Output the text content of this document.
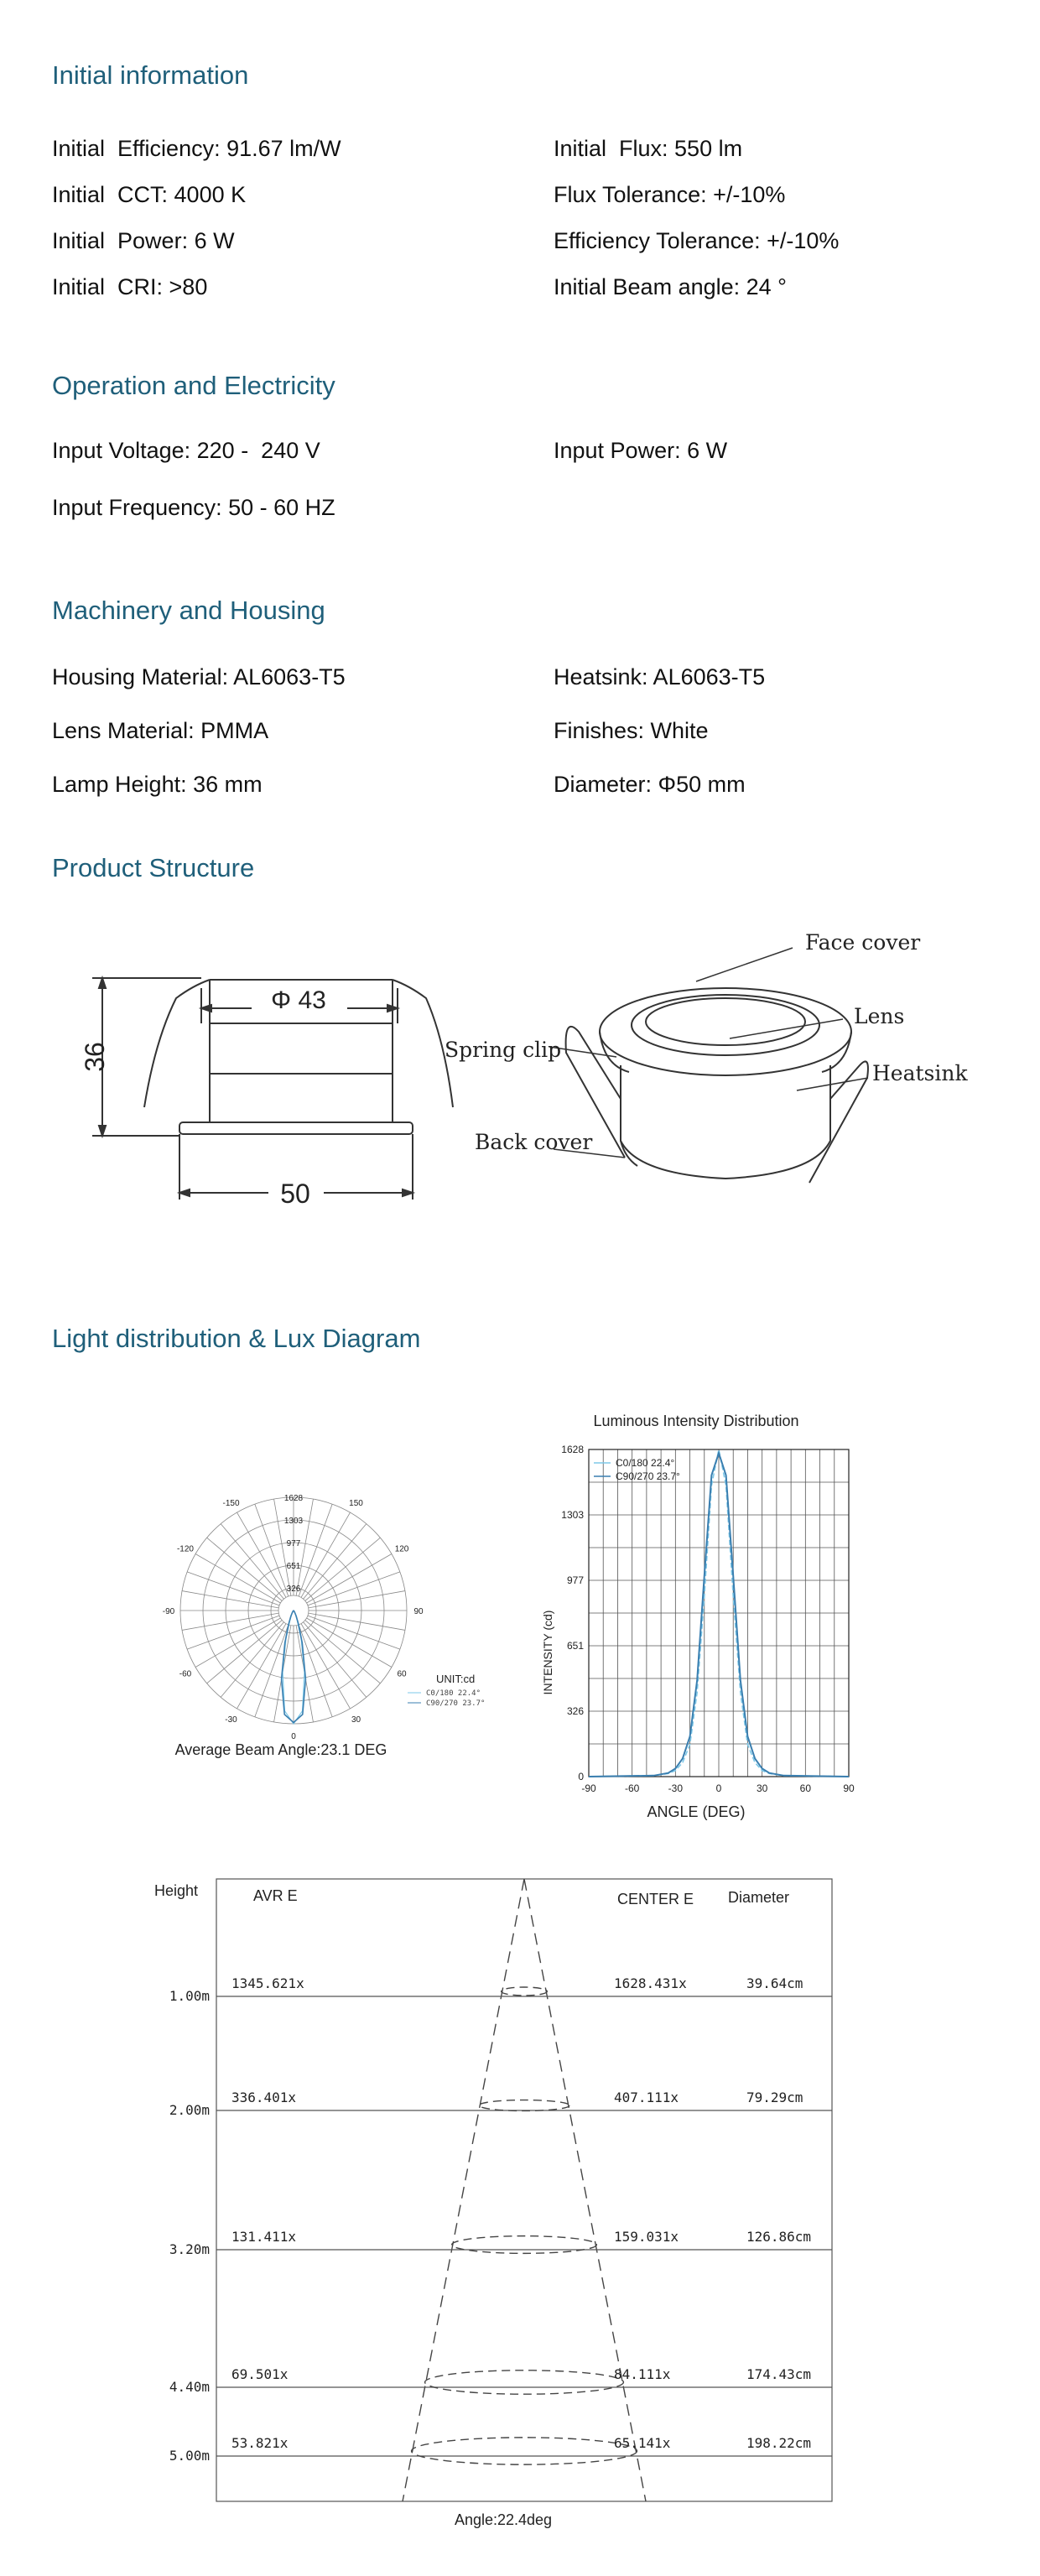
Initial information
Initial  Efficiency: 91.67 lm/W
Initial  CCT: 4000 K
Initial  Power: 6 W
Initial  CRI: >80
Initial  Flux: 550 lm
Flux Tolerance: +/-10%
Efficiency Tolerance: +/-10%
Initial Beam angle: 24 °
Operation and Electricity
Input Voltage: 220 -  240 V
Input Frequency: 50 - 60 HZ
Input Power: 6 W
Machinery and Housing
Housing Material: AL6063-T5
Lens Material: PMMA
Lamp Height: 36 mm
Heatsink: AL6063-T5
Finishes: White
Diameter: Φ50 mm
Product Structure
Φ 43
36
50
Face cover
Lens
Spring clip
Heatsink
Back cover
Light distribution & Lux Diagram
-150	150
-120	120
-90	90
-60	60
-30	30
0
1628
1303
977
651
326
UNIT:cd
C0/180 22.4°
C90/270 23.7°
Average Beam Angle:23.1 DEG
Luminous Intensity Distribution
-90	-60	-30	0	30	60	90
0
326
651
977
1303
1628
ANGLE (DEG)
INTENSITY (cd)
C0/180 22.4°
C90/270 23.7°
Height	AVR E	CENTER E Diameter
1.00m
1345.621x	1628.431x	39.64cm
2.00m
336.401x	407.111x	79.29cm
3.20m
131.411x	159.031x	126.86cm
4.40m
69.501x	84.111x	174.43cm
5.00m
53.821x	65.141x	198.22cm
Angle:22.4deg
